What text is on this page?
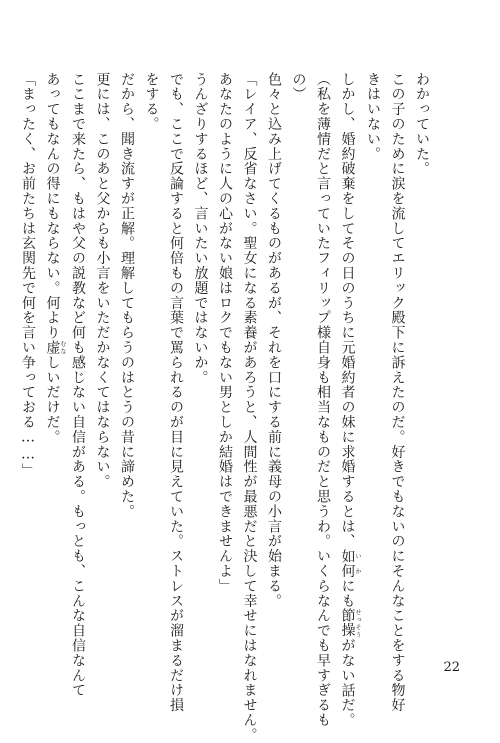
わかっていた。
この子のために涙を流してエリック殿下に訴えたのだ。好きでもないのにそんなことをする物好
きはいない。
しかし、婚約破棄をしてその日のうちに元婚約者の妹に求婚するとは、如何いかにも節操せっそうがない話だ。
（私を薄情だと言っていたフィリップ様自身も相当なものだと思うわ。いくらなんでも早すぎるも
の）
色々と込み上げてくるものがあるが、それを口にする前に義母の小言が始まる。
「レイア、反省なさい。聖女になる素養があろうと、人間性が最悪だと決して幸せにはなれません。
あなたのように人の心がない娘はロクでもない男としか結婚はできませんよ」
うんざりするほど、言いたい放題ではないか。
でも、ここで反論すると何倍もの言葉で罵られるのが目に見えていた。ストレスが溜まるだけ損
をする。
だから、聞き流すが正解。理解してもらうのはとうの昔に諦めた。
更には、このあと父からも小言をいただかなくてはならない。
ここまで来たら、もはや父の説教など何も感じない自信がある。もっとも、こんな自信なんて
あってもなんの得にもならない。何より虚むなしいだけだ。
「まったく、お前たちは玄関先で何を言い争っておる……」
22
